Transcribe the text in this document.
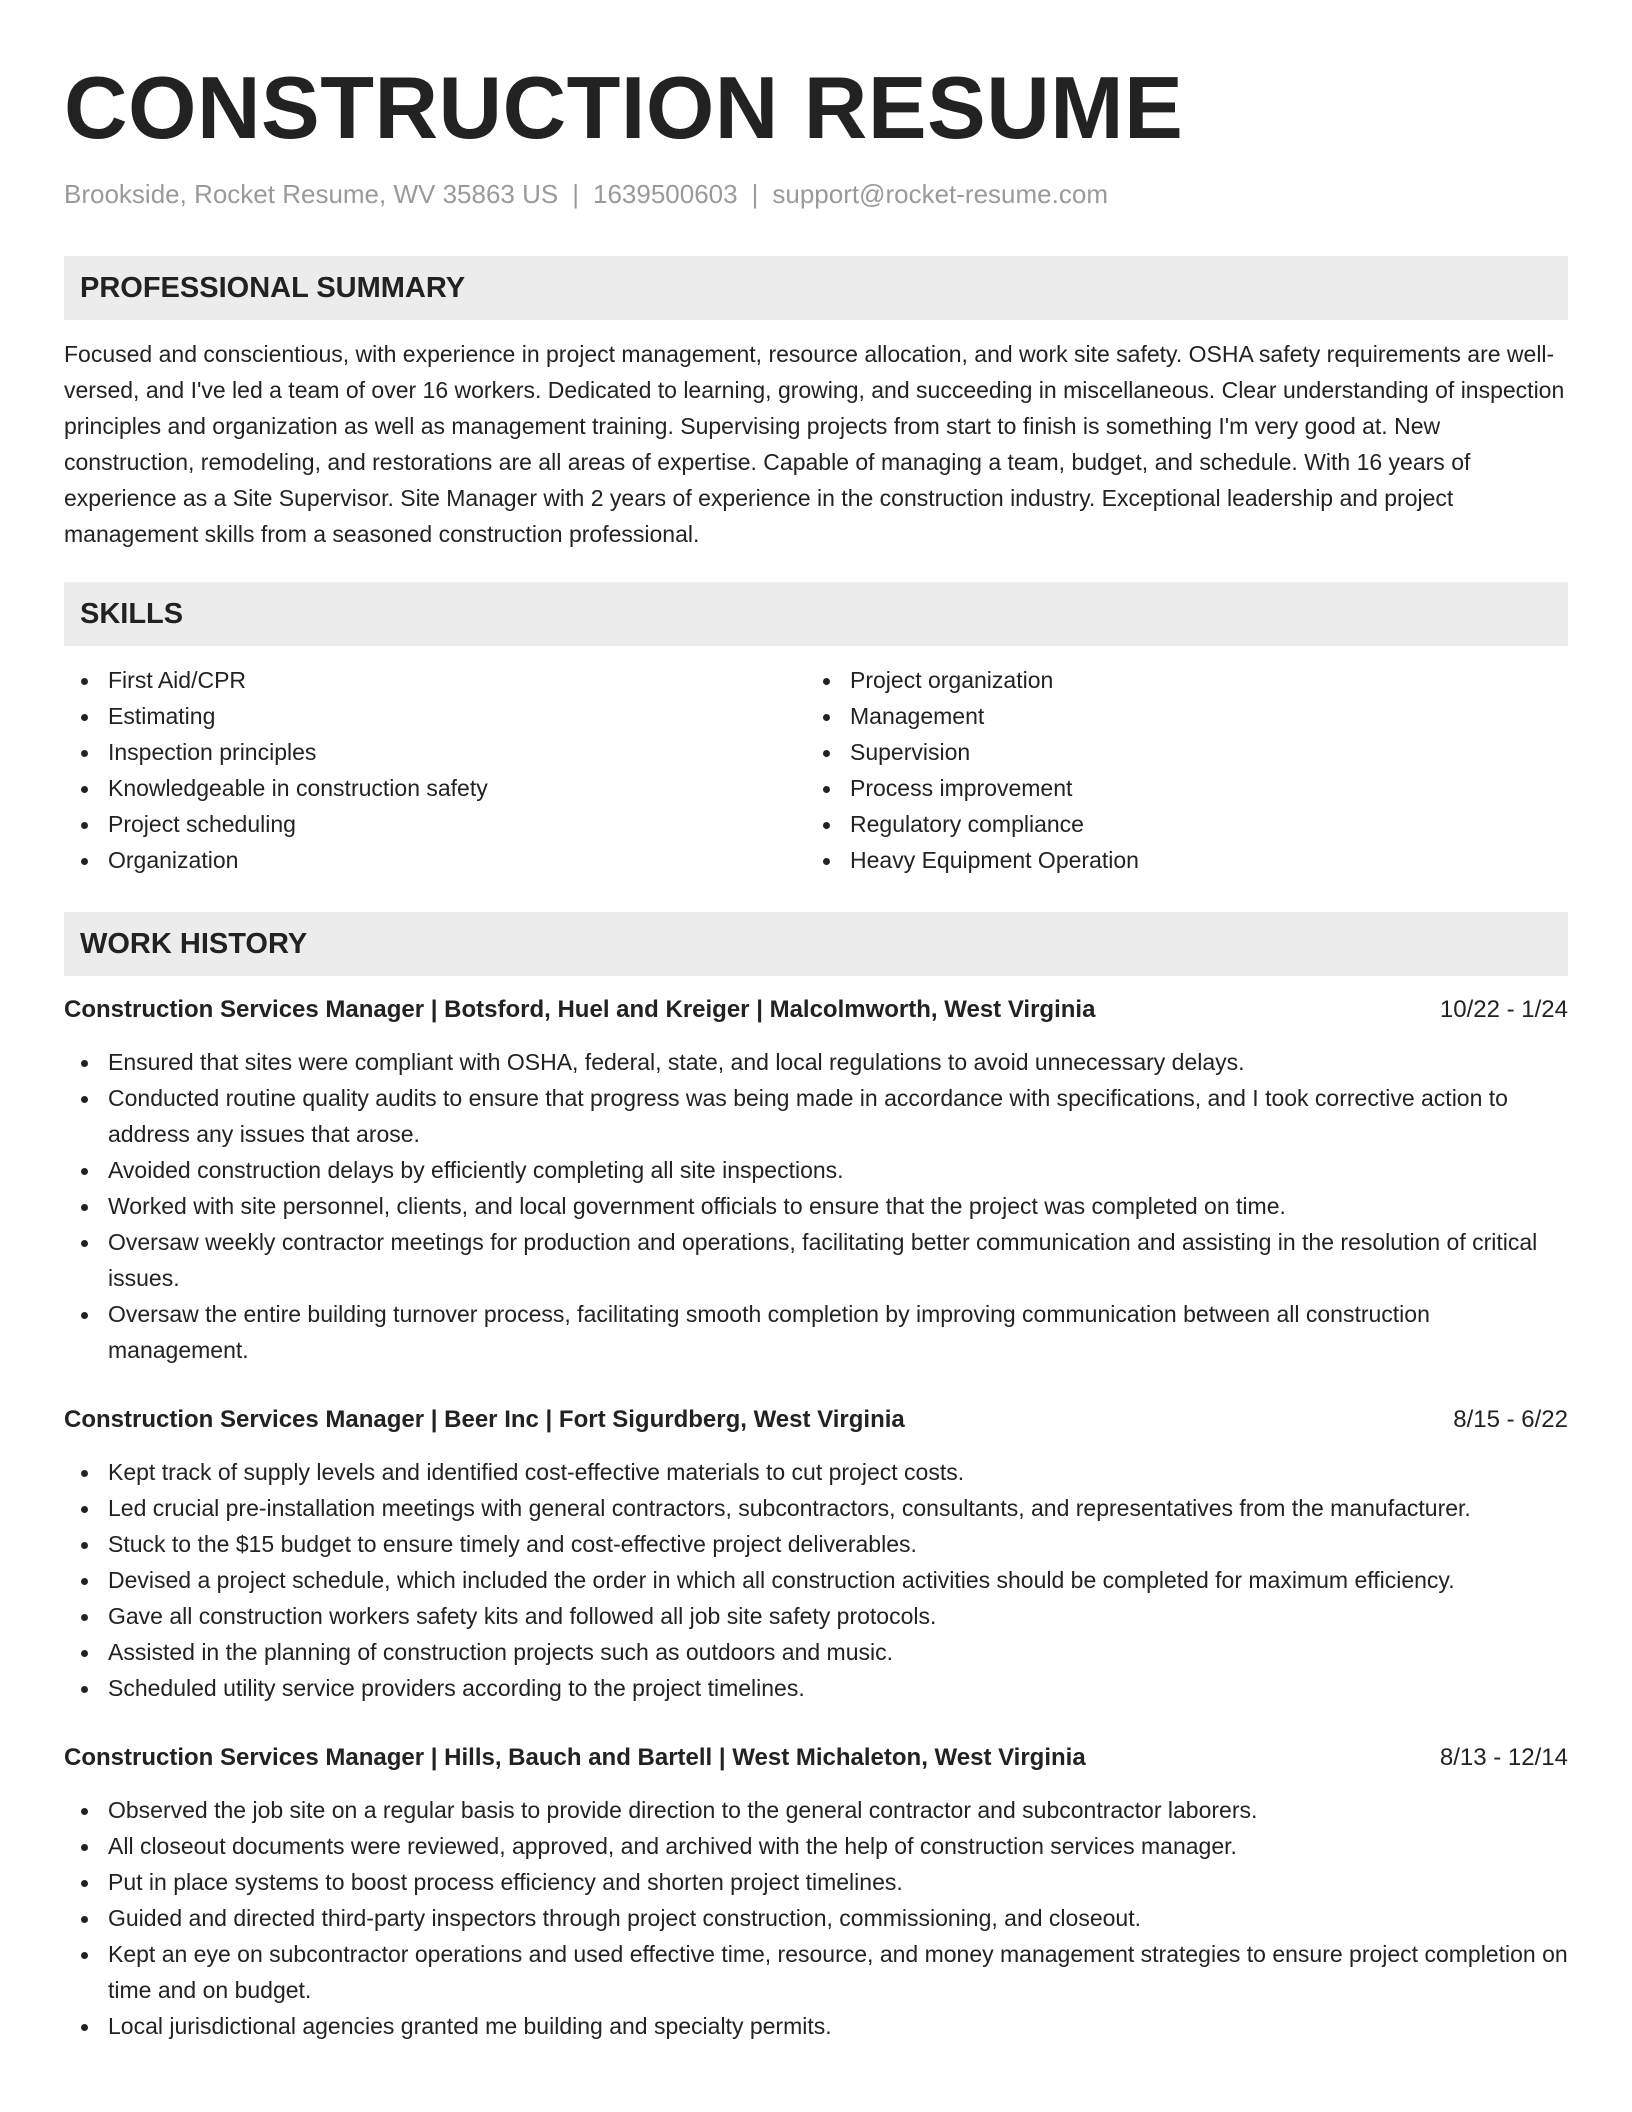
CONSTRUCTION RESUME
Brookside, Rocket Resume, WV 35863 US | 1639500603 | support@rocket-resume.com
PROFESSIONAL SUMMARY
Focused and conscientious, with experience in project management, resource allocation, and work site safety. OSHA safety requirements are well-versed, and I've led a team of over 16 workers. Dedicated to learning, growing, and succeeding in miscellaneous. Clear understanding of inspection principles and organization as well as management training. Supervising projects from start to finish is something I'm very good at. New construction, remodeling, and restorations are all areas of expertise. Capable of managing a team, budget, and schedule. With 16 years of experience as a Site Supervisor. Site Manager with 2 years of experience in the construction industry. Exceptional leadership and project management skills from a seasoned construction professional.
SKILLS
First Aid/CPR
Estimating
Inspection principles
Knowledgeable in construction safety
Project scheduling
Organization
Project organization
Management
Supervision
Process improvement
Regulatory compliance
Heavy Equipment Operation
WORK HISTORY
Construction Services Manager | Botsford, Huel and Kreiger | Malcolmworth, West Virginia	10/22 - 1/24
Ensured that sites were compliant with OSHA, federal, state, and local regulations to avoid unnecessary delays.
Conducted routine quality audits to ensure that progress was being made in accordance with specifications, and I took corrective action to address any issues that arose.
Avoided construction delays by efficiently completing all site inspections.
Worked with site personnel, clients, and local government officials to ensure that the project was completed on time.
Oversaw weekly contractor meetings for production and operations, facilitating better communication and assisting in the resolution of critical issues.
Oversaw the entire building turnover process, facilitating smooth completion by improving communication between all construction management.
Construction Services Manager | Beer Inc | Fort Sigurdberg, West Virginia	8/15 - 6/22
Kept track of supply levels and identified cost-effective materials to cut project costs.
Led crucial pre-installation meetings with general contractors, subcontractors, consultants, and representatives from the manufacturer.
Stuck to the $15 budget to ensure timely and cost-effective project deliverables.
Devised a project schedule, which included the order in which all construction activities should be completed for maximum efficiency.
Gave all construction workers safety kits and followed all job site safety protocols.
Assisted in the planning of construction projects such as outdoors and music.
Scheduled utility service providers according to the project timelines.
Construction Services Manager | Hills, Bauch and Bartell | West Michaleton, West Virginia	8/13 - 12/14
Observed the job site on a regular basis to provide direction to the general contractor and subcontractor laborers.
All closeout documents were reviewed, approved, and archived with the help of construction services manager.
Put in place systems to boost process efficiency and shorten project timelines.
Guided and directed third-party inspectors through project construction, commissioning, and closeout.
Kept an eye on subcontractor operations and used effective time, resource, and money management strategies to ensure project completion on time and on budget.
Local jurisdictional agencies granted me building and specialty permits.
